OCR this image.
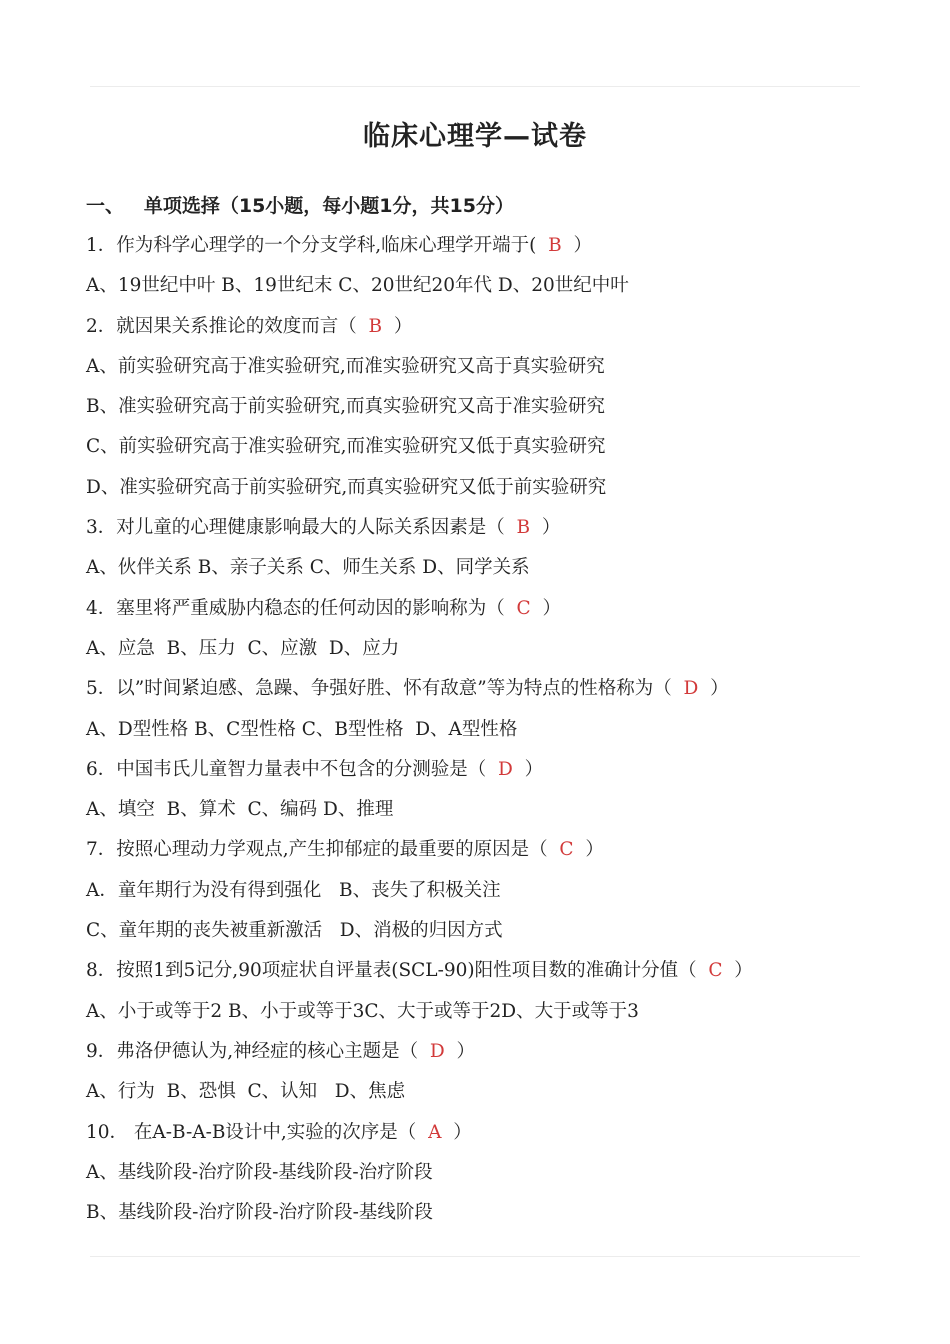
临床心理学—试卷
一、   单项选择（15小题，每小题1分，共15分）
1．作为科学心理学的一个分支学科,临床心理学开端于( B  ）
A、19世纪中叶 B、19世纪末 C、20世纪20年代 D、20世纪中叶
2．就因果关系推论的效度而言（ B  ）
A、前实验研究高于准实验研究,而准实验研究又高于真实验研究
B、准实验研究高于前实验研究,而真实验研究又高于准实验研究
C、前实验研究高于准实验研究,而准实验研究又低于真实验研究
D、准实验研究高于前实验研究,而真实验研究又低于前实验研究
3．对儿童的心理健康影响最大的人际关系因素是（ B  ）
A、伙伴关系 B、亲子关系 C、师生关系 D、同学关系
4．塞里将严重威胁内稳态的任何动因的影响称为（ C  ）
A、应急  B、压力  C、应激  D、应力
5．以”时间紧迫感、急躁、争强好胜、怀有敌意”等为特点的性格称为（ D  ）
A、D型性格 B、C型性格 C、B型性格  D、A型性格
6．中国韦氏儿童智力量表中不包含的分测验是（ D  ）
A、填空  B、算术  C、编码 D、推理
7．按照心理动力学观点,产生抑郁症的最重要的原因是（ C  ）
A．童年期行为没有得到强化   B、丧失了积极关注
C、童年期的丧失被重新激活   D、消极的归因方式
8．按照1到5记分,90项症状自评量表(SCL-90)阳性项目数的准确计分值（ C  ）
A、小于或等于2 B、小于或等于3C、大于或等于2D、大于或等于3
9．弗洛伊德认为,神经症的核心主题是（ D  ）
A、行为  B、恐惧  C、认知   D、焦虑
10． 在A-B-A-B设计中,实验的次序是（ A  ）
A、基线阶段-治疗阶段-基线阶段-治疗阶段
B、基线阶段-治疗阶段-治疗阶段-基线阶段
